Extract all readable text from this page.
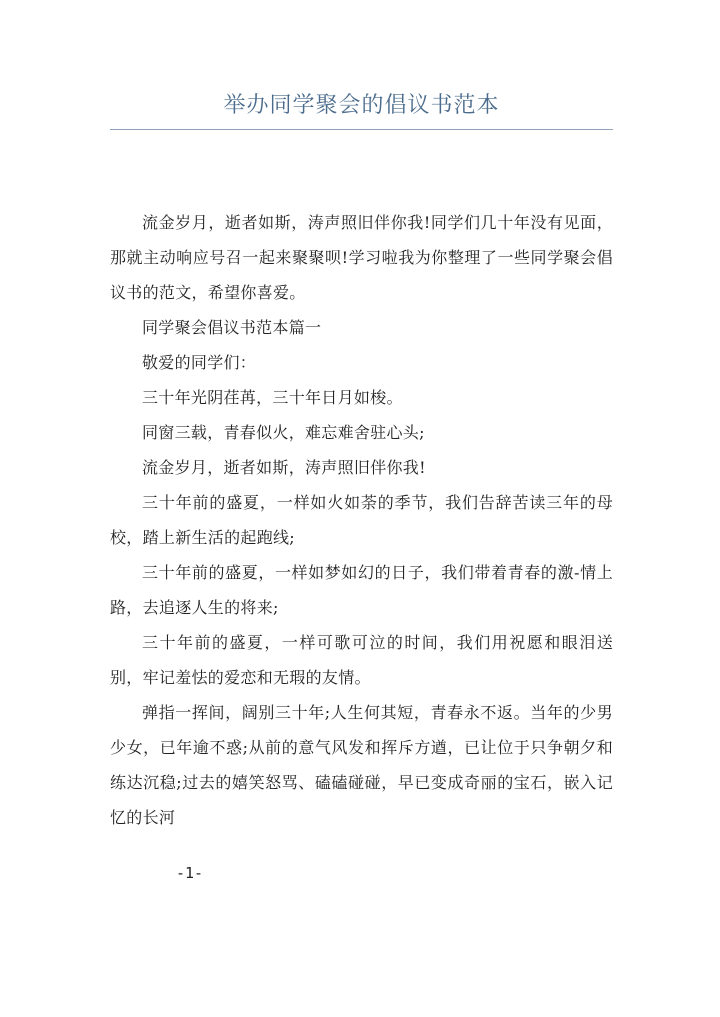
举办同学聚会的倡议书范本

流金岁月，逝者如斯，涛声照旧伴你我!同学们几十年没有见面，那就主动响应号召一起来聚聚呗!学习啦我为你整理了一些同学聚会倡议书的范文，希望你喜爱。

同学聚会倡议书范本篇一

敬爱的同学们：

三十年光阴荏苒，三十年日月如梭。

同窗三载，青春似火，难忘难舍驻心头;

流金岁月，逝者如斯，涛声照旧伴你我!

三十年前的盛夏，一样如火如荼的季节，我们告辞苦读三年的母校，踏上新生活的起跑线;

三十年前的盛夏，一样如梦如幻的日子，我们带着青春的激-情上路，去追逐人生的将来;

三十年前的盛夏，一样可歌可泣的时间，我们用祝愿和眼泪送别，牢记羞怯的爱恋和无瑕的友情。

弹指一挥间，阔别三十年;人生何其短，青春永不返。当年的少男少女，已年逾不惑;从前的意气风发和挥斥方遒，已让位于只争朝夕和练达沉稳;过去的嬉笑怒骂、磕磕碰碰，早已变成奇丽的宝石，嵌入记忆的长河

-1-
